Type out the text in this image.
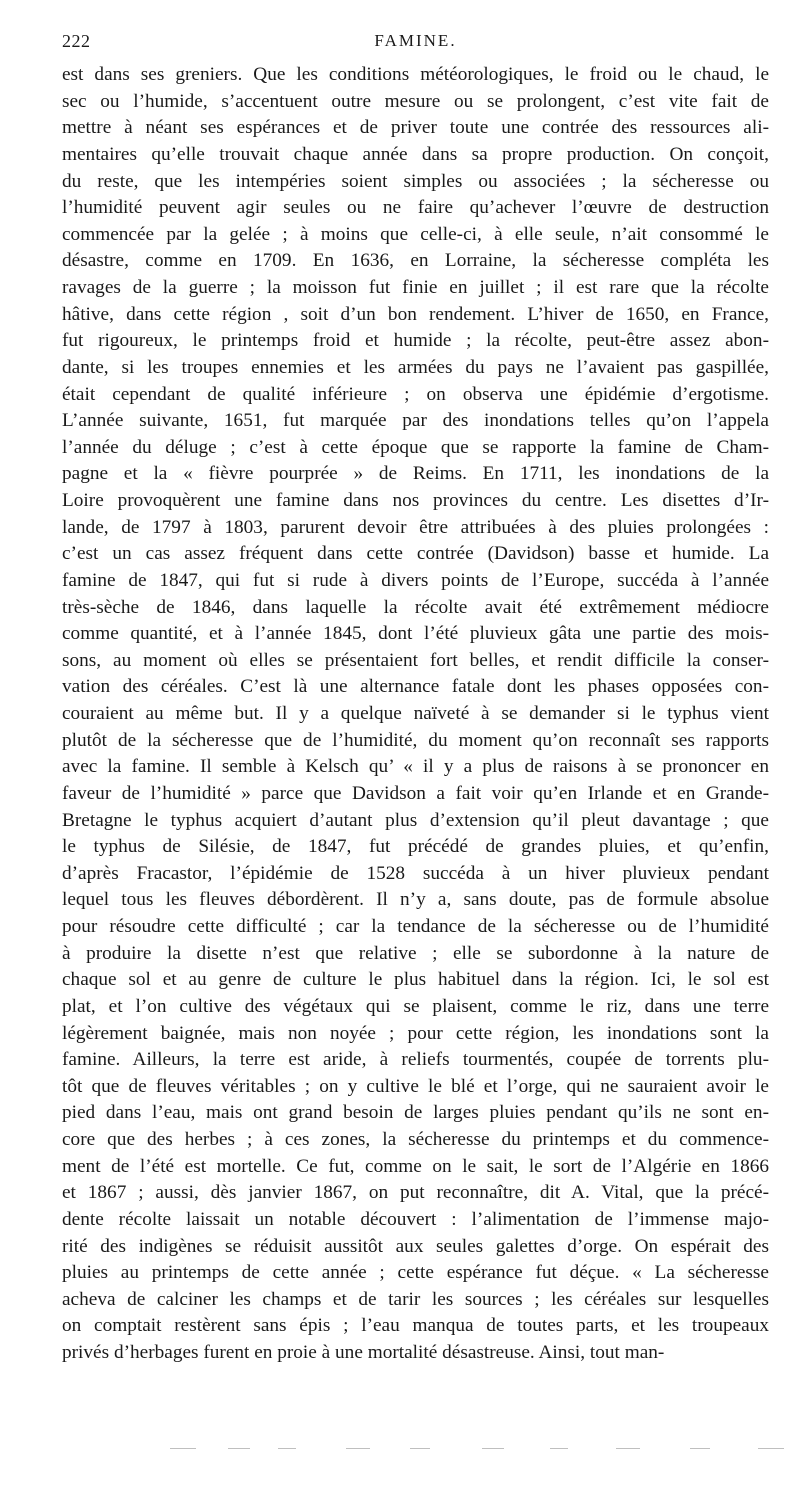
222	FAMINE.
est dans ses greniers. Que les conditions météorologiques, le froid ou le chaud, le
sec ou l’humide, s’accentuent outre mesure ou se prolongent, c’est vite fait de
mettre à néant ses espérances et de priver toute une contrée des ressources ali-
mentaires qu’elle trouvait chaque année dans sa propre production. On conçoit,
du reste, que les intempéries soient simples ou associées ; la sécheresse ou
l’humidité peuvent agir seules ou ne faire qu’achever l’œuvre de destruction
commencée par la gelée ; à moins que celle-ci, à elle seule, n’ait consommé le
désastre, comme en 1709. En 1636, en Lorraine, la sécheresse compléta les
ravages de la guerre ; la moisson fut finie en juillet ; il est rare que la récolte
hâtive, dans cette région , soit d’un bon rendement. L’hiver de 1650, en France,
fut rigoureux, le printemps froid et humide ; la récolte, peut-être assez abon-
dante, si les troupes ennemies et les armées du pays ne l’avaient pas gaspillée,
était cependant de qualité inférieure ; on observa une épidémie d’ergotisme.
L’année suivante, 1651, fut marquée par des inondations telles qu’on l’appela
l’année du déluge ; c’est à cette époque que se rapporte la famine de Cham-
pagne et la « fièvre pourprée » de Reims. En 1711, les inondations de la
Loire provoquèrent une famine dans nos provinces du centre. Les disettes d’Ir-
lande, de 1797 à 1803, parurent devoir être attribuées à des pluies prolongées :
c’est un cas assez fréquent dans cette contrée (Davidson) basse et humide. La
famine de 1847, qui fut si rude à divers points de l’Europe, succéda à l’année
très-sèche de 1846, dans laquelle la récolte avait été extrêmement médiocre
comme quantité, et à l’année 1845, dont l’été pluvieux gâta une partie des mois-
sons, au moment où elles se présentaient fort belles, et rendit difficile la conser-
vation des céréales. C’est là une alternance fatale dont les phases opposées con-
couraient au même but. Il y a quelque naïveté à se demander si le typhus vient
plutôt de la sécheresse que de l’humidité, du moment qu’on reconnaît ses rapports
avec la famine. Il semble à Kelsch qu’ « il y a plus de raisons à se prononcer en
faveur de l’humidité » parce que Davidson a fait voir qu’en Irlande et en Grande-
Bretagne le typhus acquiert d’autant plus d’extension qu’il pleut davantage ; que
le typhus de Silésie, de 1847, fut précédé de grandes pluies, et qu’enfin,
d’après Fracastor, l’épidémie de 1528 succéda à un hiver pluvieux pendant
lequel tous les fleuves débordèrent. Il n’y a, sans doute, pas de formule absolue
pour résoudre cette difficulté ; car la tendance de la sécheresse ou de l’humidité
à produire la disette n’est que relative ; elle se subordonne à la nature de
chaque sol et au genre de culture le plus habituel dans la région. Ici, le sol est
plat, et l’on cultive des végétaux qui se plaisent, comme le riz, dans une terre
légèrement baignée, mais non noyée ; pour cette région, les inondations sont la
famine. Ailleurs, la terre est aride, à reliefs tourmentés, coupée de torrents plu-
tôt que de fleuves véritables ; on y cultive le blé et l’orge, qui ne sauraient avoir le
pied dans l’eau, mais ont grand besoin de larges pluies pendant qu’ils ne sont en-
core que des herbes ; à ces zones, la sécheresse du printemps et du commence-
ment de l’été est mortelle. Ce fut, comme on le sait, le sort de l’Algérie en 1866
et 1867 ; aussi, dès janvier 1867, on put reconnaître, dit A. Vital, que la précé-
dente récolte laissait un notable découvert : l’alimentation de l’immense majo-
rité des indigènes se réduisit aussitôt aux seules galettes d’orge. On espérait des
pluies au printemps de cette année ; cette espérance fut déçue. « La sécheresse
acheva de calciner les champs et de tarir les sources ; les céréales sur lesquelles
on comptait restèrent sans épis ; l’eau manqua de toutes parts, et les troupeaux
privés d’herbages furent en proie à une mortalité désastreuse. Ainsi, tout man-
